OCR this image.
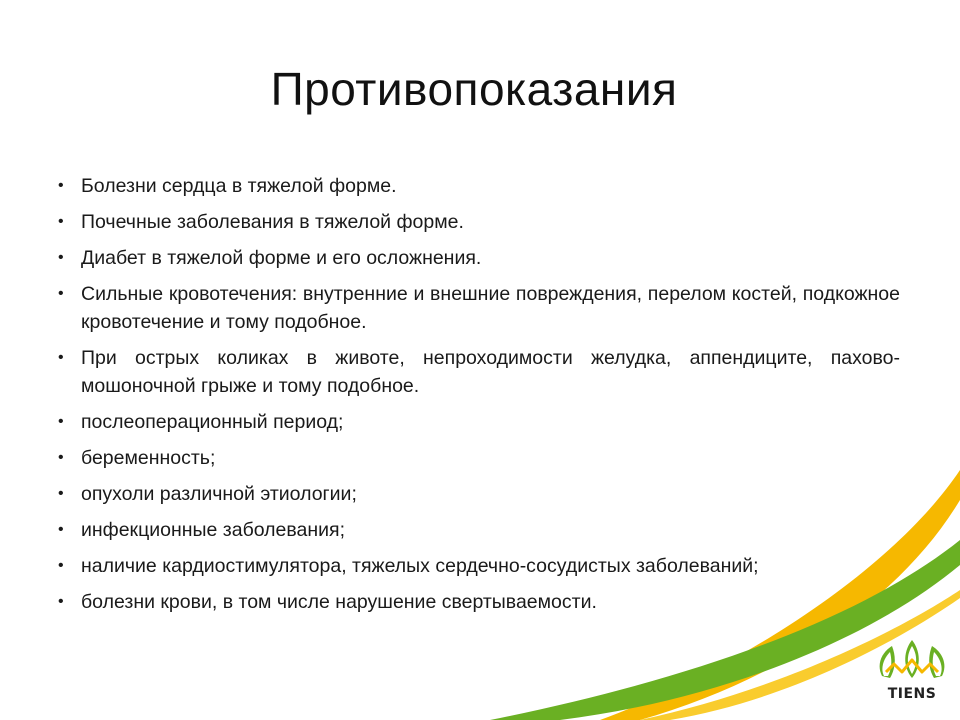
Противопоказания
• Болезни сердца в тяжелой форме.
• Почечные заболевания в тяжелой форме.
• Диабет в тяжелой форме и его осложнения.
• Сильные кровотечения: внутренние и внешние повреждения, перелом костей, подкожное кровотечение и тому подобное.
• При острых коликах в животе, непроходимости желудка, аппендиците, пахово-мошоночной грыже и тому подобное.
• послеоперационный период;
• беременность;
• опухоли различной этиологии;
• инфекционные заболевания;
• наличие кардиостимулятора, тяжелых сердечно-сосудистых заболеваний;
• болезни крови, в том числе нарушение свертываемости.
TIENS
